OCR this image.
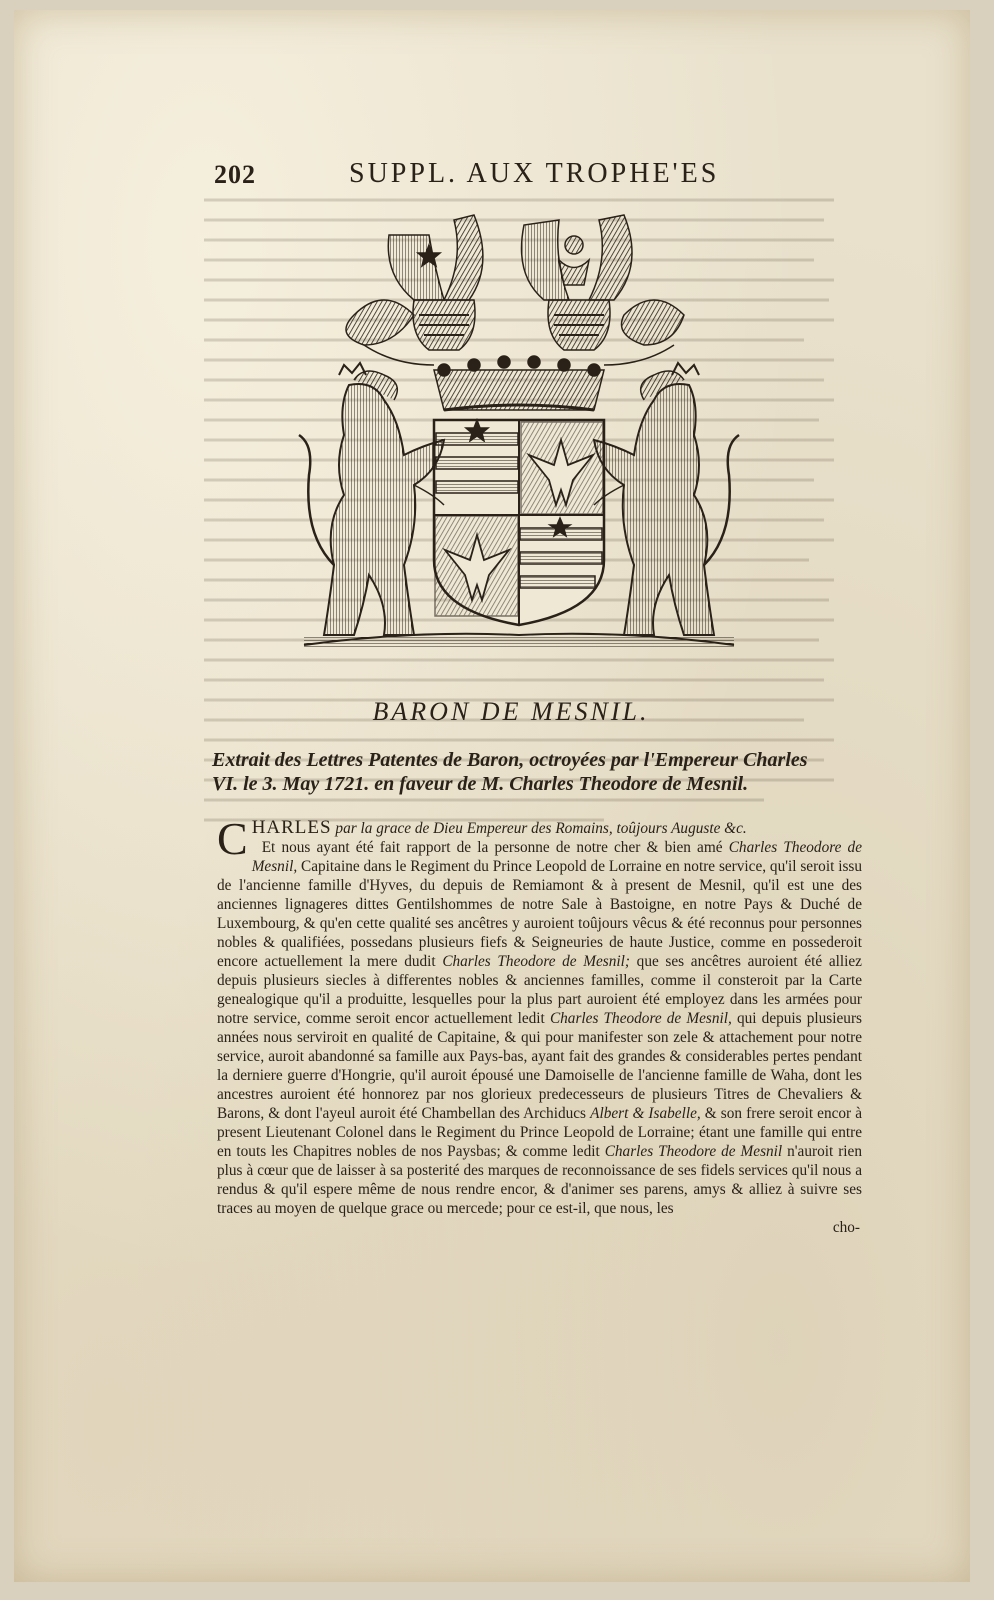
202	SUPPL. AUX TROPHE'ES
BARON DE MESNIL.
Extrait des Lettres Patentes de Baron, octroyées par l'Empereur Charles
VI. le 3. May 1721. en faveur de M. Charles Theodore de Mesnil.
C HARLES par la grace de Dieu Empereur des Romains, toûjours Auguste &c.
Et nous ayant été fait rapport de la personne de notre cher & bien amé Charles Theodore de Mesnil, Capitaine dans le Regiment du Prince Leopold de Lorraine en notre service, qu'il seroit issu de l'ancienne famille d'Hyves, du depuis de Remiamont & à present de Mesnil, qu'il est une des anciennes lignageres dittes Gentilshommes de notre Sale à Bastoigne, en notre Pays & Duché de Luxembourg, & qu'en cette qualité ses ancêtres y auroient toûjours vêcus & été reconnus pour personnes nobles & qualifiées, possedans plusieurs fiefs & Seigneuries de haute Justice, comme en possederoit encore actuellement la mere dudit Charles Theodore de Mesnil; que ses ancêtres auroient été alliez depuis plusieurs siecles à differentes nobles & anciennes familles, comme il consteroit par la Carte genealogique qu'il a produitte, lesquelles pour la plus part auroient été employez dans les armées pour notre service, comme seroit encor actuellement ledit Charles Theodore de Mesnil, qui depuis plusieurs années nous serviroit en qualité de Capitaine, & qui pour manifester son zele & attachement pour notre service, auroit abandonné sa famille aux Pays-bas, ayant fait des grandes & considerables pertes pendant la derniere guerre d'Hongrie, qu'il auroit épousé une Damoiselle de l'ancienne famille de Waha, dont les ancestres auroient été honnorez par nos glorieux predecesseurs de plusieurs Titres de Chevaliers & Barons, & dont l'ayeul auroit été Chambellan des Archiducs Albert & Isabelle, & son frere seroit encor à present Lieutenant Colonel dans le Regiment du Prince Leopold de Lorraine; étant une famille qui entre en touts les Chapitres nobles de nos Paysbas; & comme ledit Charles Theodore de Mesnil n'auroit rien plus à cœur que de laisser à sa posterité des marques de reconnoissance de ses fidels services qu'il nous a rendus & qu'il espere même de nous rendre encor, & d'animer ses parens, amys & alliez à suivre ses traces au moyen de quelque grace ou mercede; pour ce est-il, que nous, les
cho-
